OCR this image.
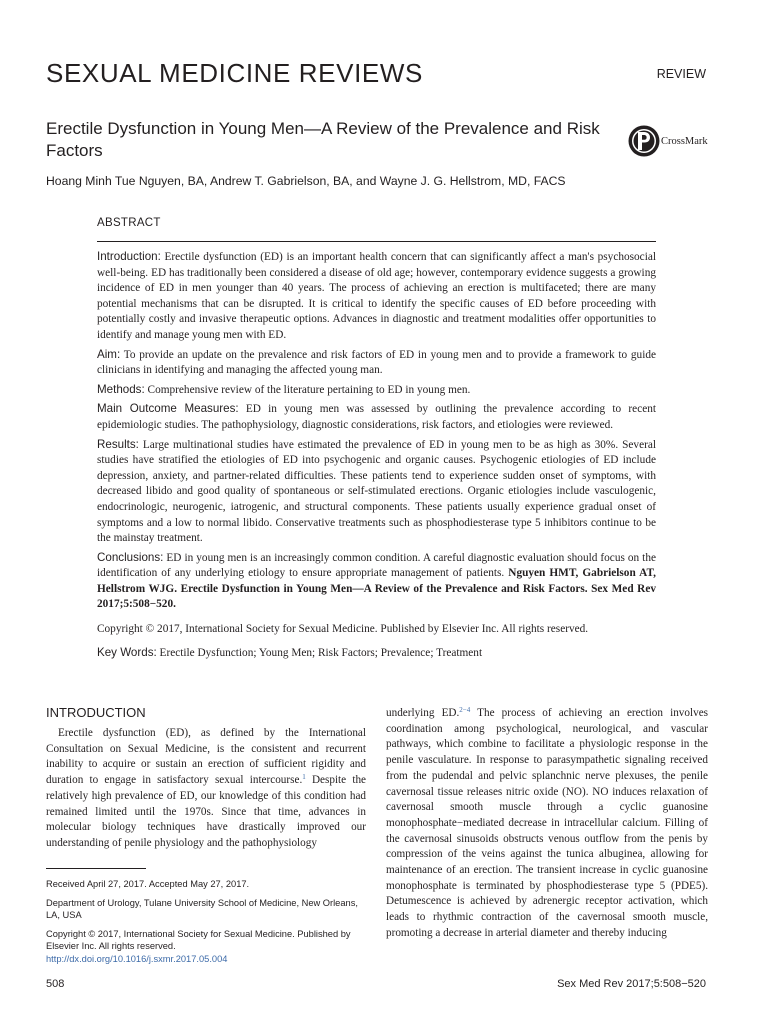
SEXUAL MEDICINE REVIEWS	REVIEW
Erectile Dysfunction in Young Men—A Review of the Prevalence and Risk Factors	CrossMark
Hoang Minh Tue Nguyen, BA, Andrew T. Gabrielson, BA, and Wayne J. G. Hellstrom, MD, FACS
ABSTRACT

Introduction: Erectile dysfunction (ED) is an important health concern that can significantly affect a man's psychosocial well-being. ED has traditionally been considered a disease of old age; however, contemporary evidence suggests a growing incidence of ED in men younger than 40 years. The process of achieving an erection is multifaceted; there are many potential mechanisms that can be disrupted. It is critical to identify the specific causes of ED before proceeding with potentially costly and invasive therapeutic options. Advances in diagnostic and treatment modalities offer opportunities to identify and manage young men with ED.

Aim: To provide an update on the prevalence and risk factors of ED in young men and to provide a framework to guide clinicians in identifying and managing the affected young man.

Methods: Comprehensive review of the literature pertaining to ED in young men.

Main Outcome Measures: ED in young men was assessed by outlining the prevalence according to recent epidemiologic studies. The pathophysiology, diagnostic considerations, risk factors, and etiologies were reviewed.

Results: Large multinational studies have estimated the prevalence of ED in young men to be as high as 30%. Several studies have stratified the etiologies of ED into psychogenic and organic causes. Psychogenic etiologies of ED include depression, anxiety, and partner-related difficulties. These patients tend to experience sudden onset of symptoms, with decreased libido and good quality of spontaneous or self-stimulated erections. Organic etiologies include vasculogenic, endocrinologic, neurogenic, iatrogenic, and structural components. These patients usually experience gradual onset of symptoms and a low to normal libido. Conservative treatments such as phosphodiesterase type 5 inhibitors continue to be the mainstay treatment.

Conclusions: ED in young men is an increasingly common condition. A careful diagnostic evaluation should focus on the identification of any underlying etiology to ensure appropriate management of patients. Nguyen HMT, Gabrielson AT, Hellstrom WJG. Erectile Dysfunction in Young Men—A Review of the Prevalence and Risk Factors. Sex Med Rev 2017;5:508−520.

Copyright © 2017, International Society for Sexual Medicine. Published by Elsevier Inc. All rights reserved.

Key Words: Erectile Dysfunction; Young Men; Risk Factors; Prevalence; Treatment

INTRODUCTION
Erectile dysfunction (ED), as defined by the International Consultation on Sexual Medicine, is the consistent and recurrent inability to acquire or sustain an erection of sufficient rigidity and duration to engage in satisfactory sexual intercourse.$^1$ Despite the relatively high prevalence of ED, our knowledge of this condition had remained limited until the 1970s. Since that time, advances in molecular biology techniques have drastically improved our understanding of penile physiology and the pathophysiology
underlying ED.$^{2-4}$ The process of achieving an erection involves coordination among psychological, neurological, and vascular pathways, which combine to facilitate a physiologic response in the penile vasculature. In response to parasympathetic signaling received from the pudendal and pelvic splanchnic nerve plexuses, the penile cavernosal tissue releases nitric oxide (NO). NO induces relaxation of cavernosal smooth muscle through a cyclic guanosine monophosphate−mediated decrease in intracellular calcium. Filling of the cavernosal sinusoids obstructs venous outflow from the penis by compression of the veins against the tunica albuginea, allowing for maintenance of an erection. The transient increase in cyclic guanosine monophosphate is terminated by phosphodiesterase type 5 (PDE5). Detumescence is achieved by adrenergic receptor activation, which leads to rhythmic contraction of the cavernosal smooth muscle, promoting a decrease in arterial diameter and thereby inducing

Received April 27, 2017. Accepted May 27, 2017.

Department of Urology, Tulane University School of Medicine, New Orleans, LA, USA

Copyright © 2017, International Society for Sexual Medicine. Published by Elsevier Inc. All rights reserved.
http://dx.doi.org/10.1016/j.sxmr.2017.05.004

508	Sex Med Rev 2017;5:508−520
